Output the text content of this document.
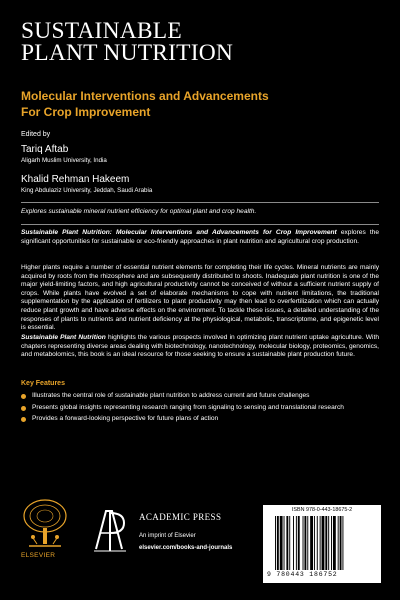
SUSTAINABLE
PLANT NUTRITION
Molecular Interventions and Advancements
For Crop Improvement
Edited by
Tariq Aftab
Aligarh Muslim University, India
Khalid Rehman Hakeem
King Abdulaziz University, Jeddah, Saudi Arabia
Explores sustainable mineral nutrient efficiency for optimal plant and crop health.

Sustainable Plant Nutrition: Molecular Interventions and Advancements for Crop Improvement explores the significant opportunities for sustainable or eco-friendly approaches in plant nutrition and agricultural crop production.

Higher plants require a number of essential nutrient elements for completing their life cycles. Mineral nutrients are mainly acquired by roots from the rhizosphere and are subsequently distributed to shoots. Inadequate plant nutrition is one of the major yield-limiting factors, and high agricultural productivity cannot be conceived of without a sufficient nutrient supply of crops. While plants have evolved a set of elaborate mechanisms to cope with nutrient limitations, the traditional supplementation by the application of fertilizers to plant productivity may then lead to overfertilization which can actually reduce plant growth and have adverse effects on the environment. To tackle these issues, a detailed understanding of the responses of plants to nutrients and nutrient deficiency at the physiological, metabolic, transcriptome, and epigenetic level is essential.

Sustainable Plant Nutrition highlights the various prospects involved in optimizing plant nutrient uptake agriculture. With chapters representing diverse areas dealing with biotechnology, nanotechnology, molecular biology, proteomics, genomics, and metabolomics, this book is an ideal resource for those seeking to ensure a sustainable plant production future.

Key Features
Illustrates the central role of sustainable plant nutrition to address current and future challenges
Presents global insights representing research ranging from signaling to sensing and translational research
Provides a forward-looking perspective for future plans of action
ELSEVIER
ACADEMIC PRESS
An imprint of Elsevier
elsevier.com/books-and-journals
ISBN 978-0-443-18675-2
9 780443 186752
